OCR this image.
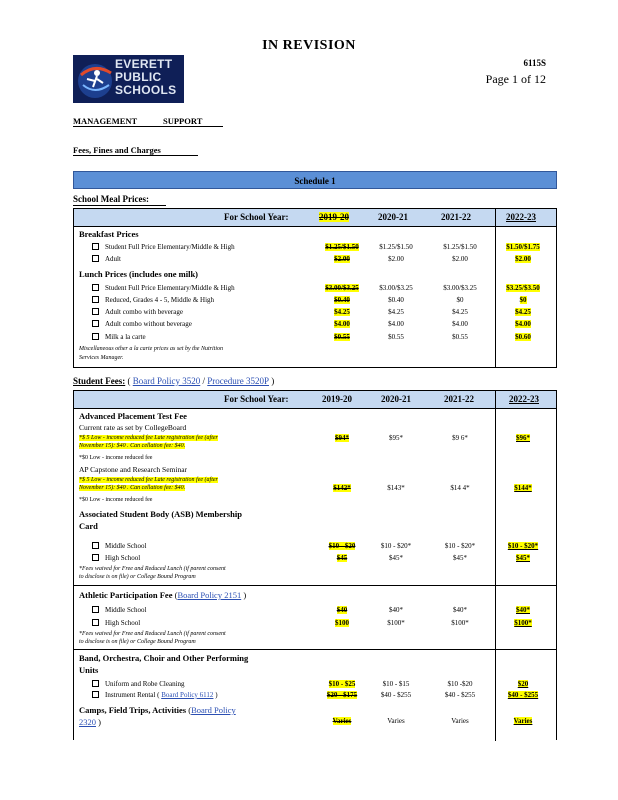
IN REVISION
6115S
Page 1 of 12
EVERETT
PUBLIC
SCHOOLS
MANAGEMENT	SUPPORT
Fees, Fines and Charges
Schedule 1
School Meal Prices:
For School Year:	2019-20	2020-21	2021-22	2022-23
Breakfast Prices
Student Full Price Elementary/Middle & High	$1.25/$1.50	$1.25/$1.50	$1.25/$1.50	$1.50/$1.75
Adult	$2.00	$2.00	$2.00	$2.00
Lunch Prices (includes one milk)
Student Full Price Elementary/Middle & High	$3.00/$3.25	$3.00/$3.25	$3.00/$3.25	$3.25/$3.50
Reduced, Grades 4 - 5, Middle & High	$0.40	$0.40	$0	$0
Adult combo with beverage	$4.25	$4.25	$4.25	$4.25
Adult combo without beverage	$4.00	$4.00	$4.00	$4.00
Milk a la carte	$0.55	$0.55	$0.55	$0.60
Miscellaneous other a la carte prices as set by the Nutrition
Services Manager.
Student Fees: ( Board Policy 3520 / Procedure 3520P )
For School Year:	2019-20	2020-21	2021-22	2022-23
Advanced Placement Test Fee
Current rate as set by CollegeBoard
*$ 5 Low - income reduced fee Late registration fee (after
November 15): $40 . Can cellation fee: $40.
$94*	$95*	$9 6*	$96*
*$0 Low - income reduced fee
AP Capstone and Research Seminar
*$ 5 Low - income reduced fee Late registration fee (after
November 15): $40 . Can cellation fee: $40.	$142*	$143*	$14 4*	$144*
*$0 Low - income reduced fee
Associated Student Body (ASB) Membership
Card
Middle School	$10 - $20	$10 - $20*	$10 - $20*	$10 - $20*
High School	$45	$45*	$45*	$45*
*Fees waived for Free and Reduced Lunch (if parent consent
to disclose is on file) or College Bound Program
Athletic Participation Fee (Board Policy 2151 )
Middle School	$40	$40*	$40*	$40*
High School	$100	$100*	$100*	$100*
*Fees waived for Free and Reduced Lunch (if parent consent
to disclose is on file) or College Bound Program
Band, Orchestra, Choir and Other Performing
Units
Uniform and Robe Cleaning	$10 - $25	$10 - $15	$10 -$20	$20
Instrument Rental ( Board Policy 6112 )	$20 - $175	$40 - $255	$40 - $255	$40 - $255
Camps, Field Trips, Activities (Board Policy
2320 )	Varies	Varies	Varies	Varies
